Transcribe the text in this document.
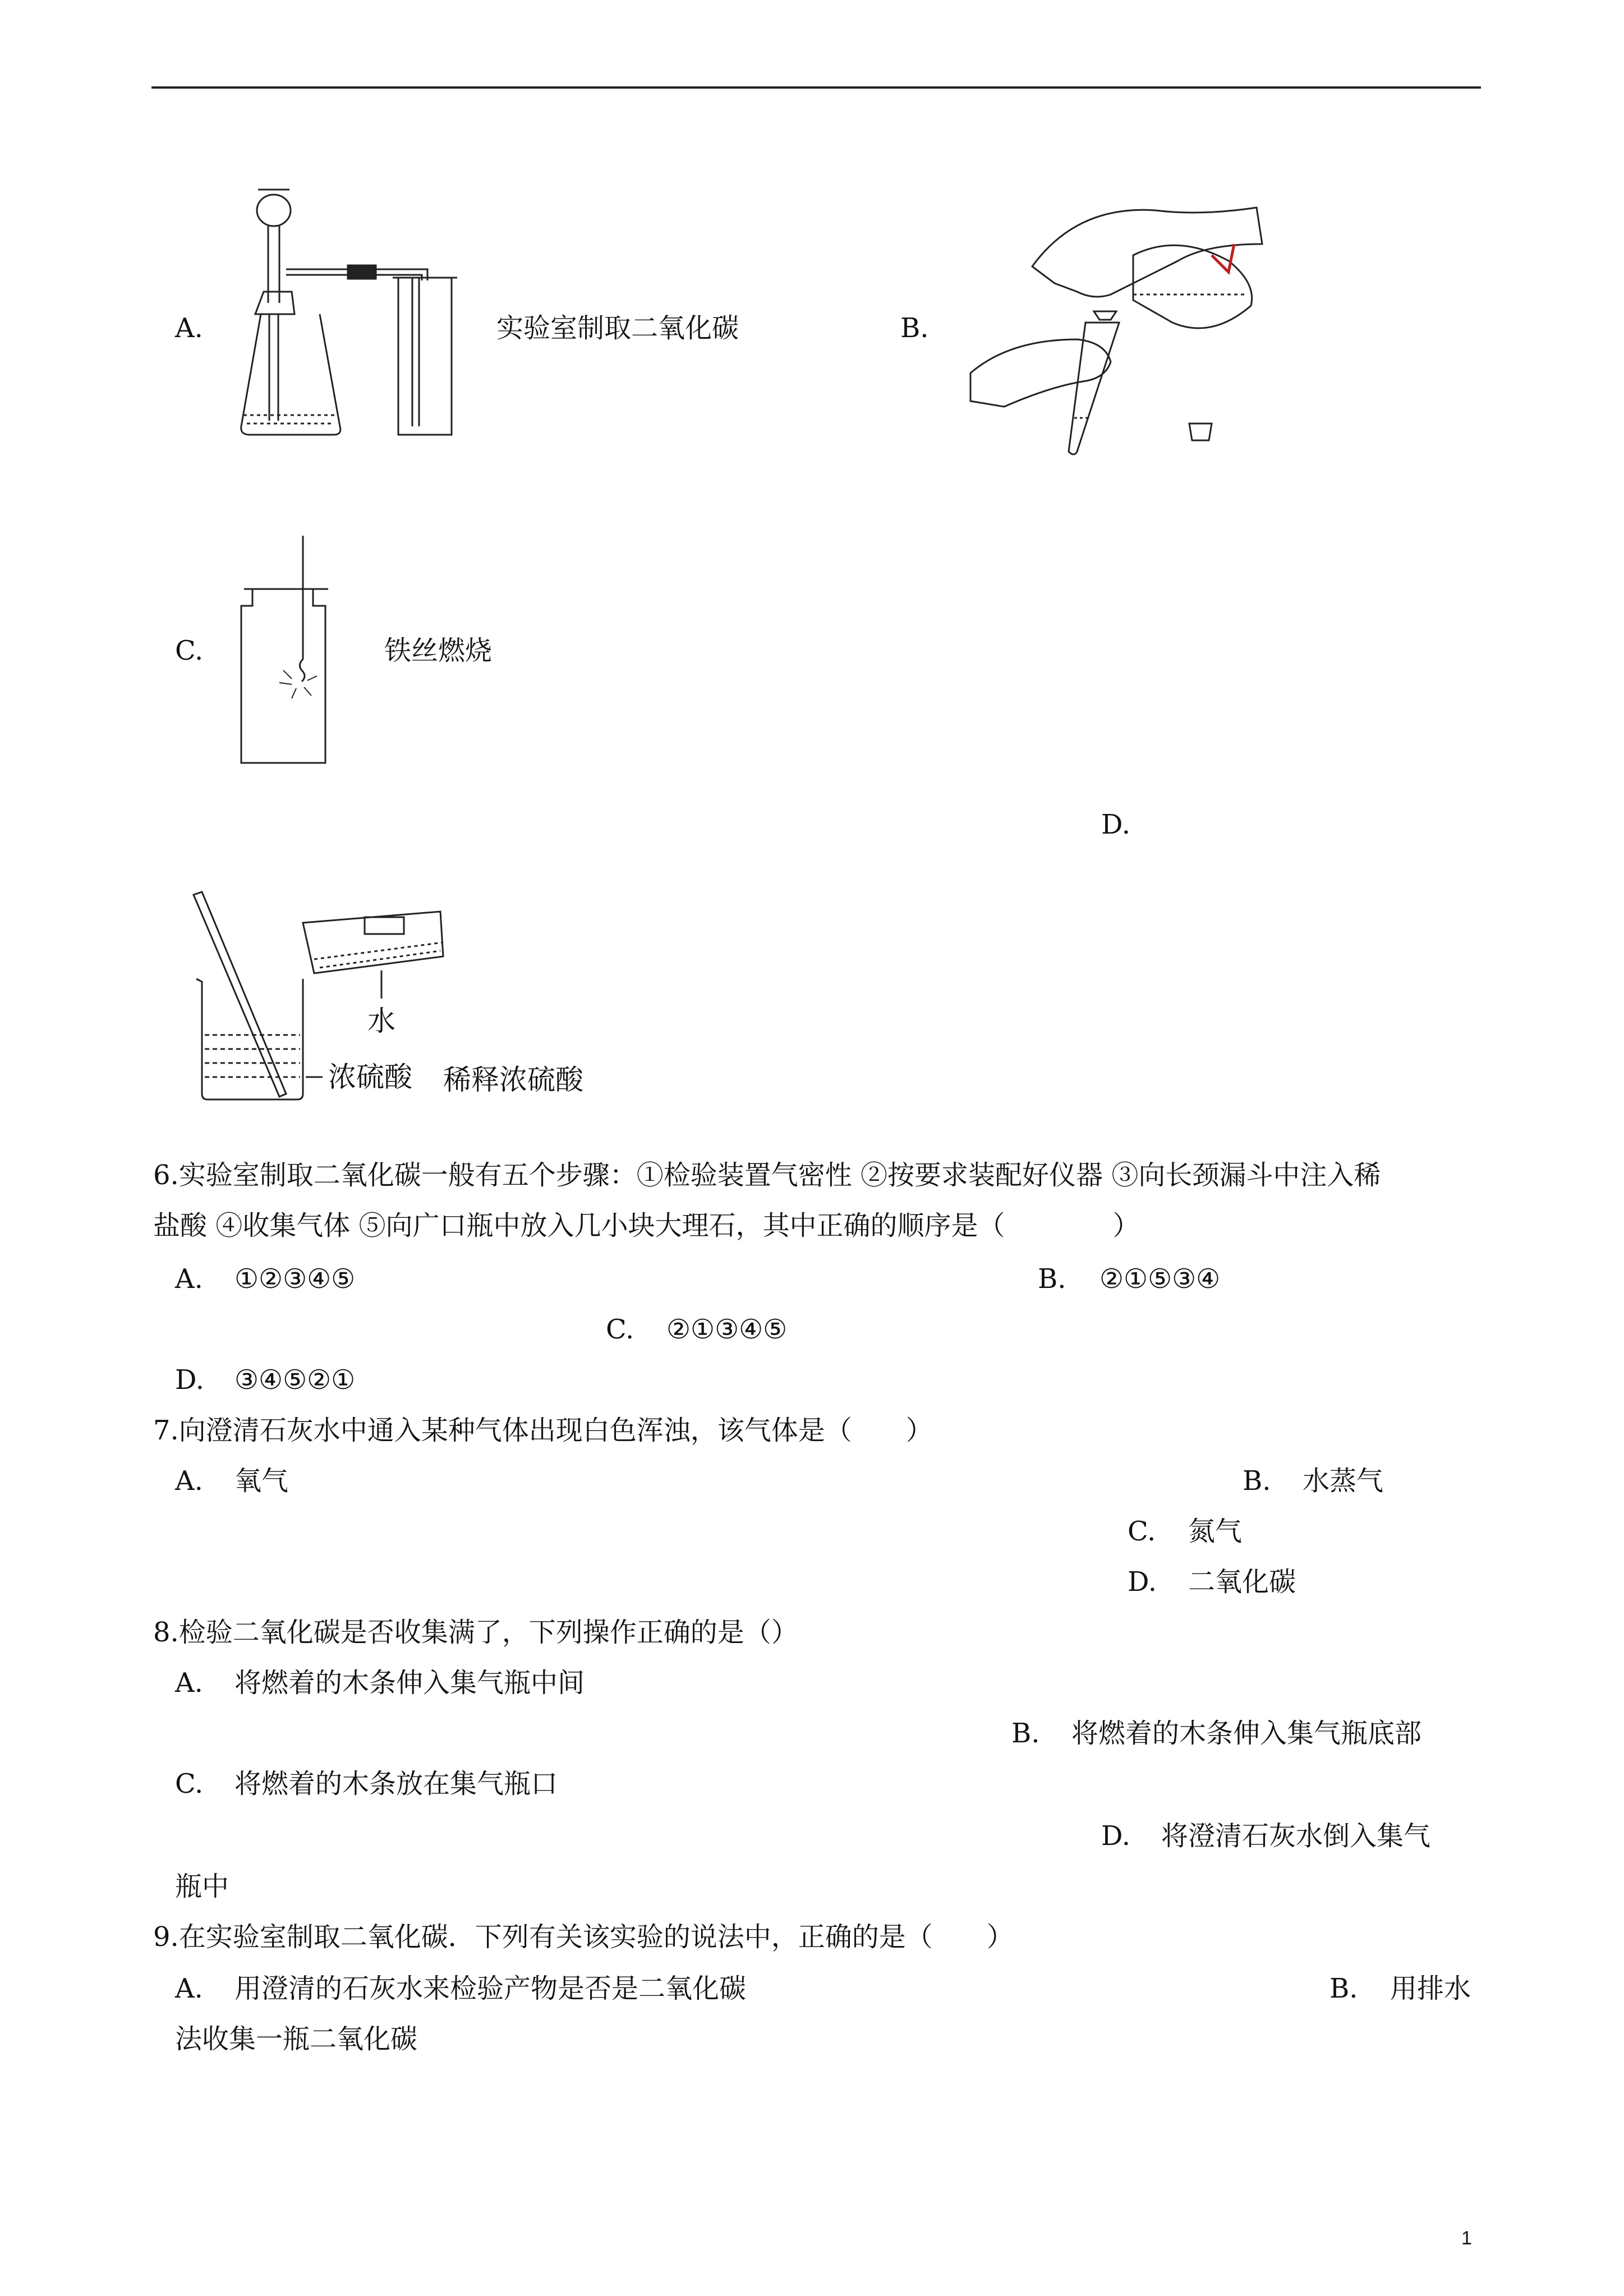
A.	实验室制取二氧化碳	B.
C.	铁丝燃烧
D.
水
浓硫酸 稀释浓硫酸
6.实验室制取二氧化碳一般有五个步骤：①检验装置气密性 ②按要求装配好仪器 ③向长颈漏斗中注入稀
盐酸 ④收集气体 ⑤向广口瓶中放入几小块大理石，其中正确的顺序是（　　　　）
A. ①②③④⑤	B. ②①⑤③④
C. ②①③④⑤
D. ③④⑤②①
7.向澄清石灰水中通入某种气体出现白色浑浊，该气体是（　　）
A. 氧气	B. 水蒸气
C. 氮气
D. 二氧化碳
8.检验二氧化碳是否收集满了，下列操作正确的是（）
A. 将燃着的木条伸入集气瓶中间
B. 将燃着的木条伸入集气瓶底部
C. 将燃着的木条放在集气瓶口
D. 将澄清石灰水倒入集气
瓶中
9.在实验室制取二氧化碳．下列有关该实验的说法中，正确的是（　　）
A. 用澄清的石灰水来检验产物是否是二氧化碳	B. 用排水
法收集一瓶二氧化碳
1
